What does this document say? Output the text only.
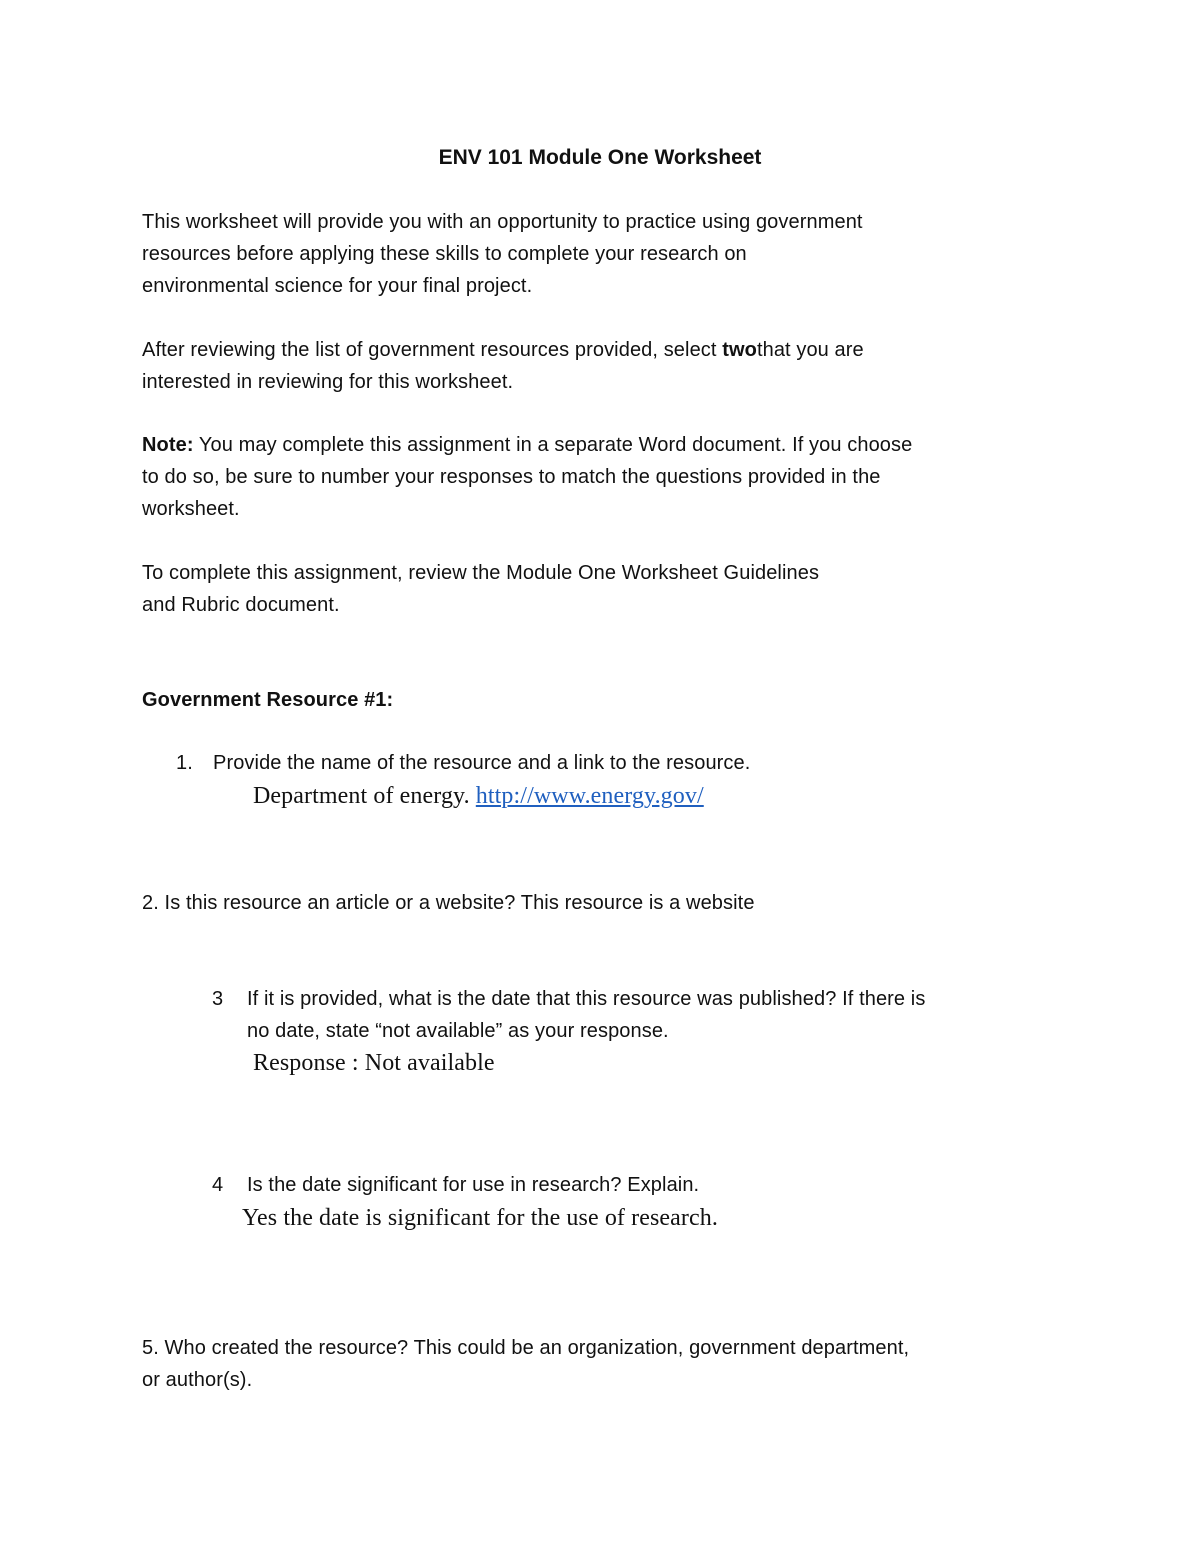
ENV 101 Module One Worksheet
This worksheet will provide you with an opportunity to practice using government
resources before applying these skills to complete your research on
environmental science for your final project.
After reviewing the list of government resources provided, select twothat you are
interested in reviewing for this worksheet.
Note: You may complete this assignment in a separate Word document. If you choose
to do so, be sure to number your responses to match the questions provided in the
worksheet.
To complete this assignment, review the Module One Worksheet Guidelines
and Rubric document.
Government Resource #1:
1. Provide the name of the resource and a link to the resource.
Department of energy. http://www.energy.gov/
2. Is this resource an article or a website? This resource is a website
3 If it is provided, what is the date that this resource was published? If there is
no date, state “not available” as your response.
Response : Not available
4 Is the date significant for use in research? Explain.
Yes the date is significant for the use of research.
5. Who created the resource? This could be an organization, government department,
or author(s).
